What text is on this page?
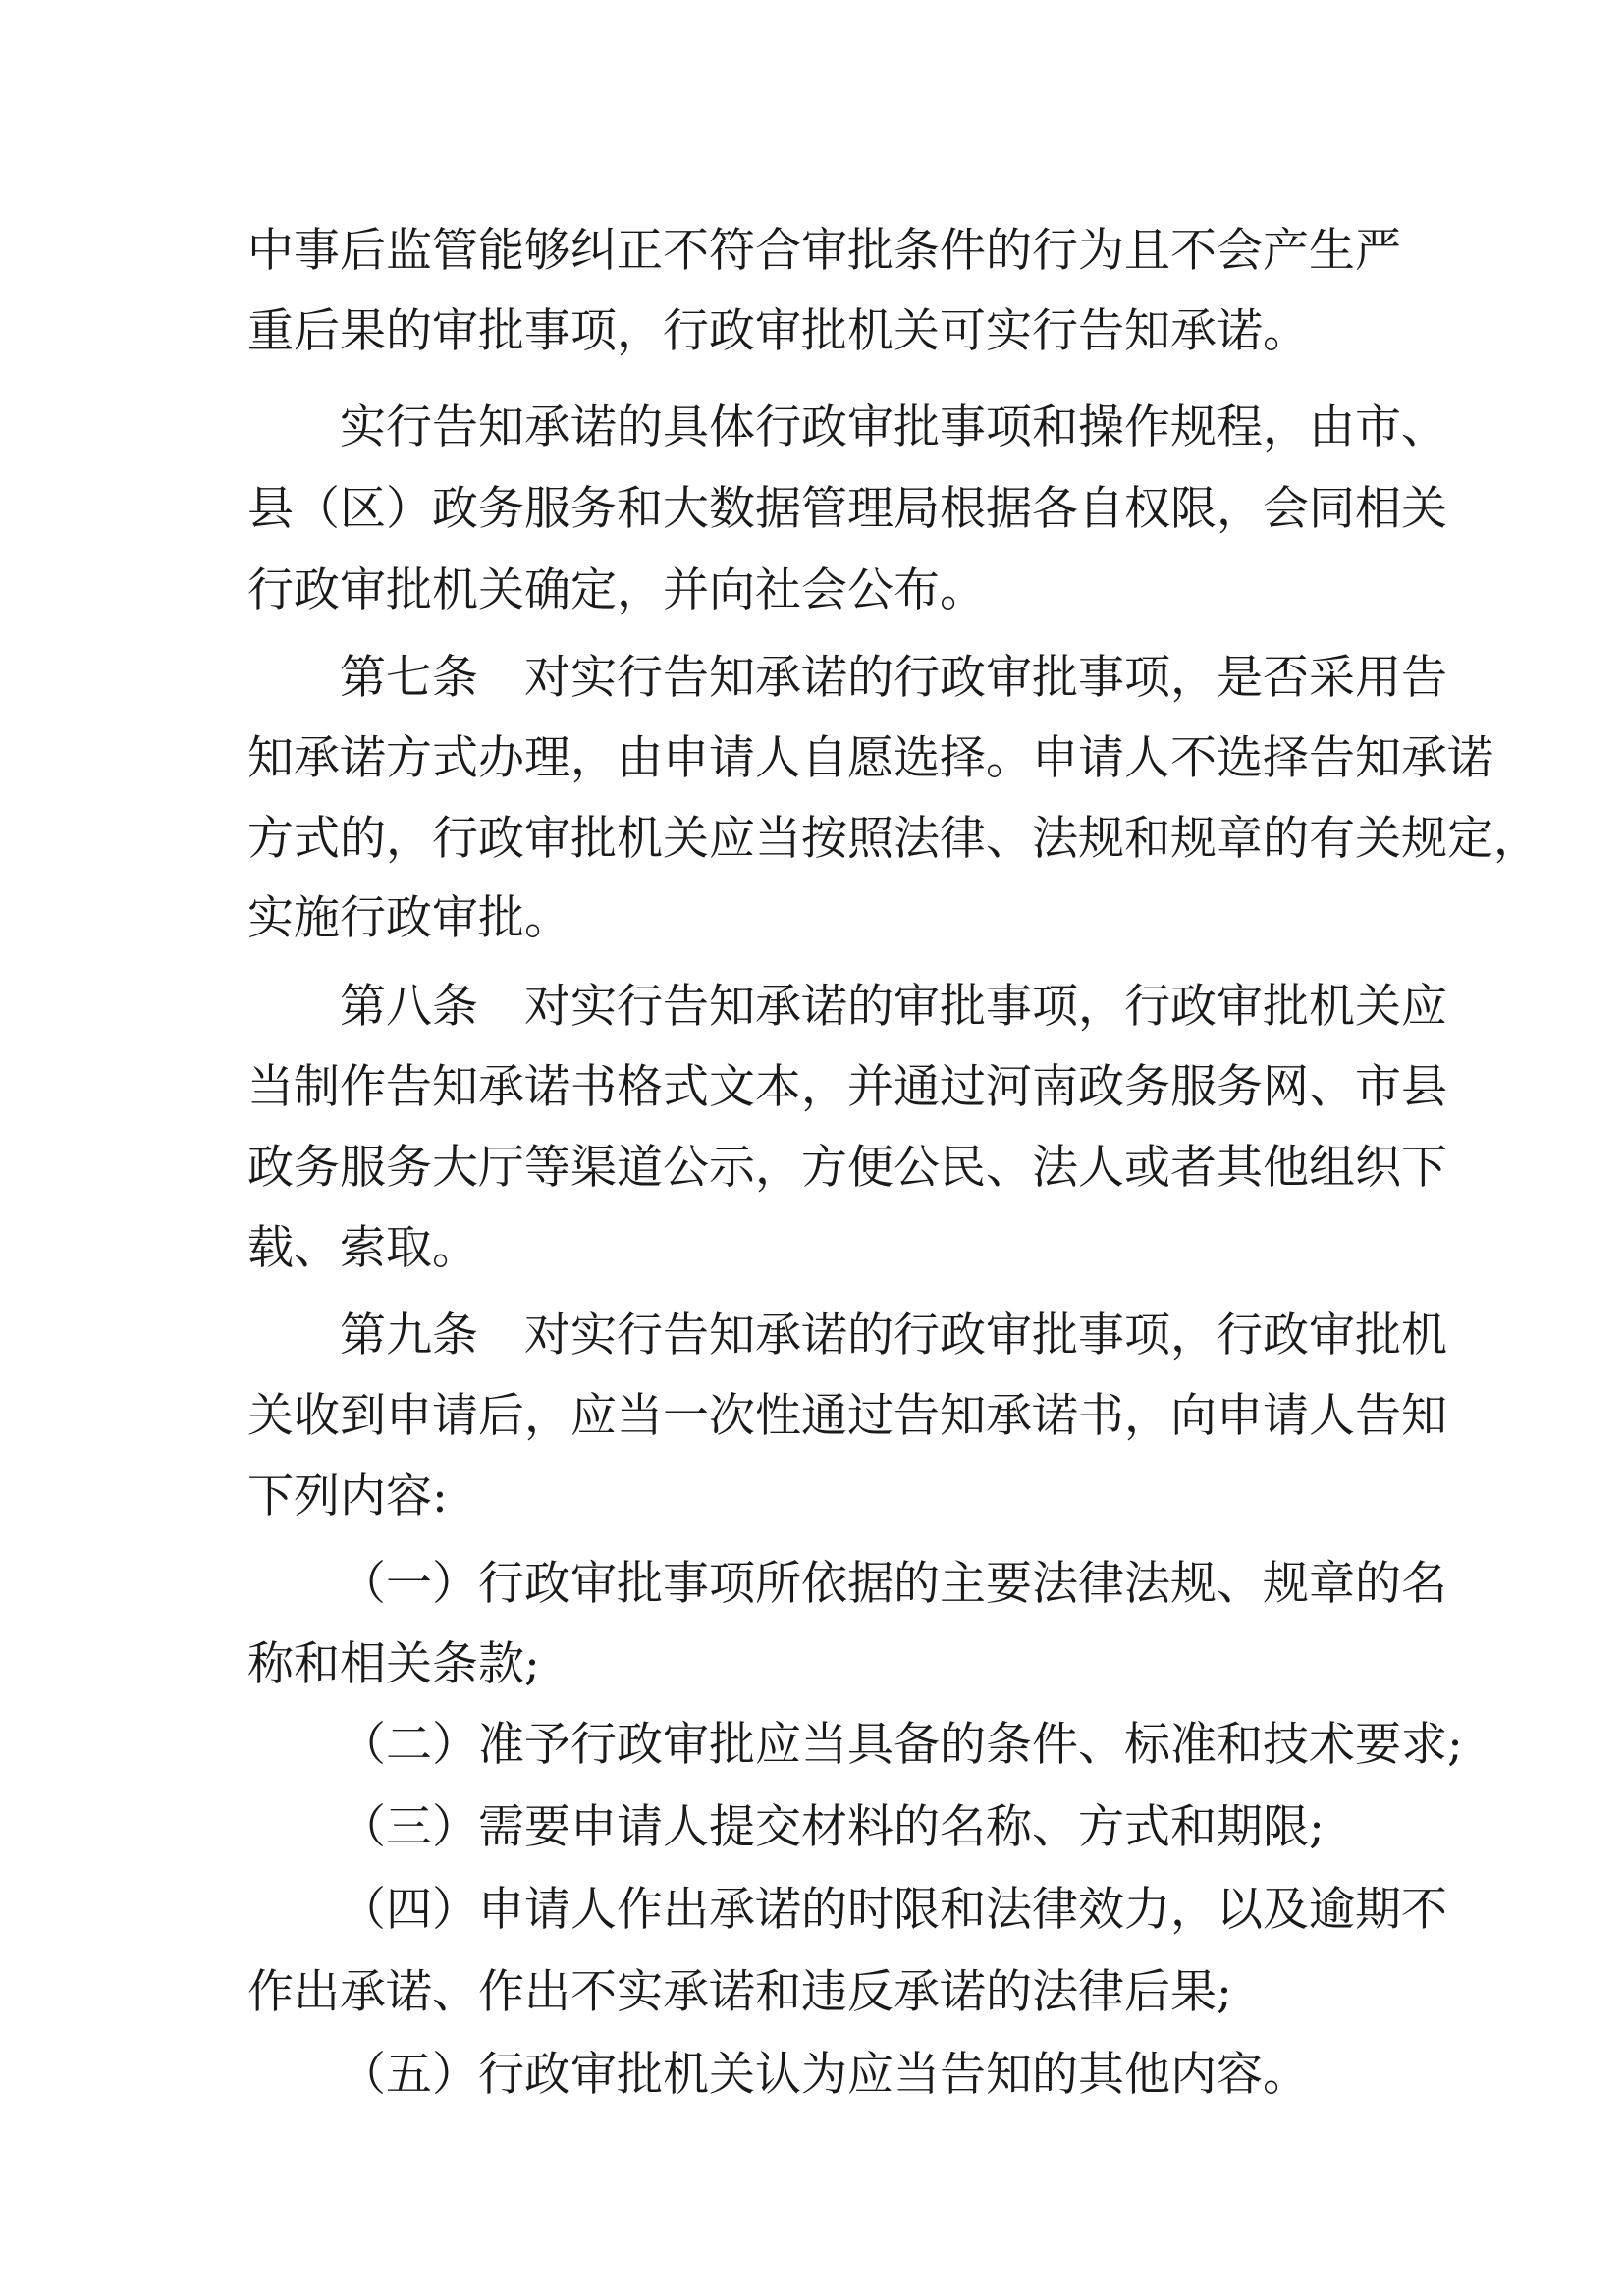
中事后监管能够纠正不符合审批条件的行为且不会产生严
重后果的审批事项，行政审批机关可实行告知承诺。
实行告知承诺的具体行政审批事项和操作规程，由市、
县（区）政务服务和大数据管理局根据各自权限，会同相关
行政审批机关确定，并向社会公布。
第七条　对实行告知承诺的行政审批事项，是否采用告
知承诺方式办理，由申请人自愿选择。申请人不选择告知承诺
方式的，行政审批机关应当按照法律、法规和规章的有关规定，
实施行政审批。
第八条　对实行告知承诺的审批事项，行政审批机关应
当制作告知承诺书格式文本，并通过河南政务服务网、市县
政务服务大厅等渠道公示，方便公民、法人或者其他组织下
载、索取。
第九条　对实行告知承诺的行政审批事项，行政审批机
关收到申请后，应当一次性通过告知承诺书，向申请人告知
下列内容:
（一）行政审批事项所依据的主要法律法规、规章的名
称和相关条款;
（二）准予行政审批应当具备的条件、标准和技术要求;
（三）需要申请人提交材料的名称、方式和期限;
（四）申请人作出承诺的时限和法律效力，以及逾期不
作出承诺、作出不实承诺和违反承诺的法律后果;
（五）行政审批机关认为应当告知的其他内容。
